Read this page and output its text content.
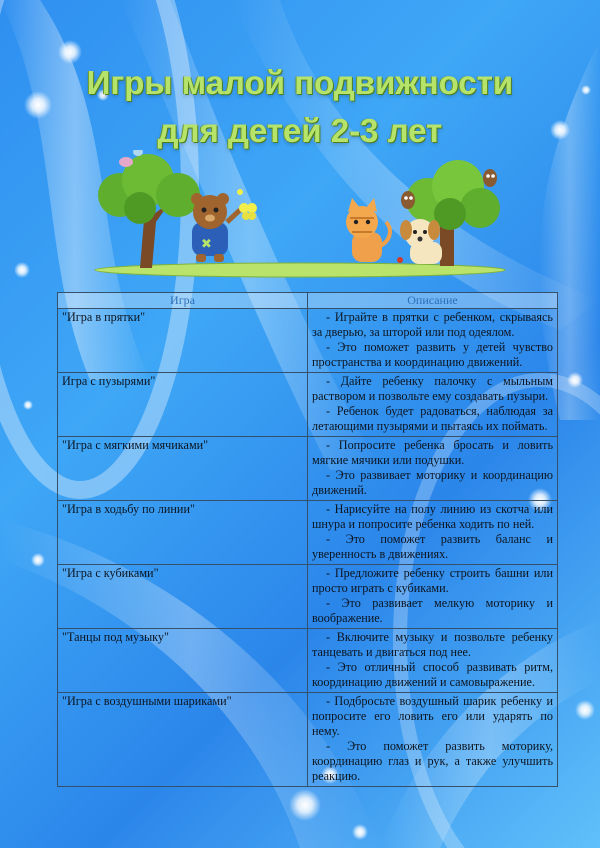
Игры малой подвижности
для детей 2-3 лет
✖
Игра	Описание
"Игра в прятки"	- Играйте в прятки с ребенком, скрываясь за дверью, за шторой или под одеялом.

- Это поможет развить у детей чувство пространства и координацию движений.

Игра с пузырями"	- Дайте ребенку палочку с мыльным раствором и позвольте ему создавать пузыри.

- Ребенок будет радоваться, наблюдая за летающими пузырями и пытаясь их поймать.

"Игра с мягкими мячиками"	- Попросите ребенка бросать и ловить мягкие мячики или подушки.

- Это развивает моторику и координацию движений.

"Игра в ходьбу по линии"	- Нарисуйте на полу линию из скотча или шнура и попросите ребенка ходить по ней.

- Это поможет развить баланс и уверенность в движениях.

"Игра с кубиками"	- Предложите ребенку строить башни или просто играть с кубиками.

- Это развивает мелкую моторику и воображение.

"Танцы под музыку"	- Включите музыку и позвольте ребенку танцевать и двигаться под нее.

- Это отличный способ развивать ритм, координацию движений и самовыражение.

"Игра с воздушными шариками"	- Подбросьте воздушный шарик ребенку и попросите его ловить его или ударять по нему.

- Это поможет развить моторику, координацию глаз и рук, а также улучшить реакцию.
